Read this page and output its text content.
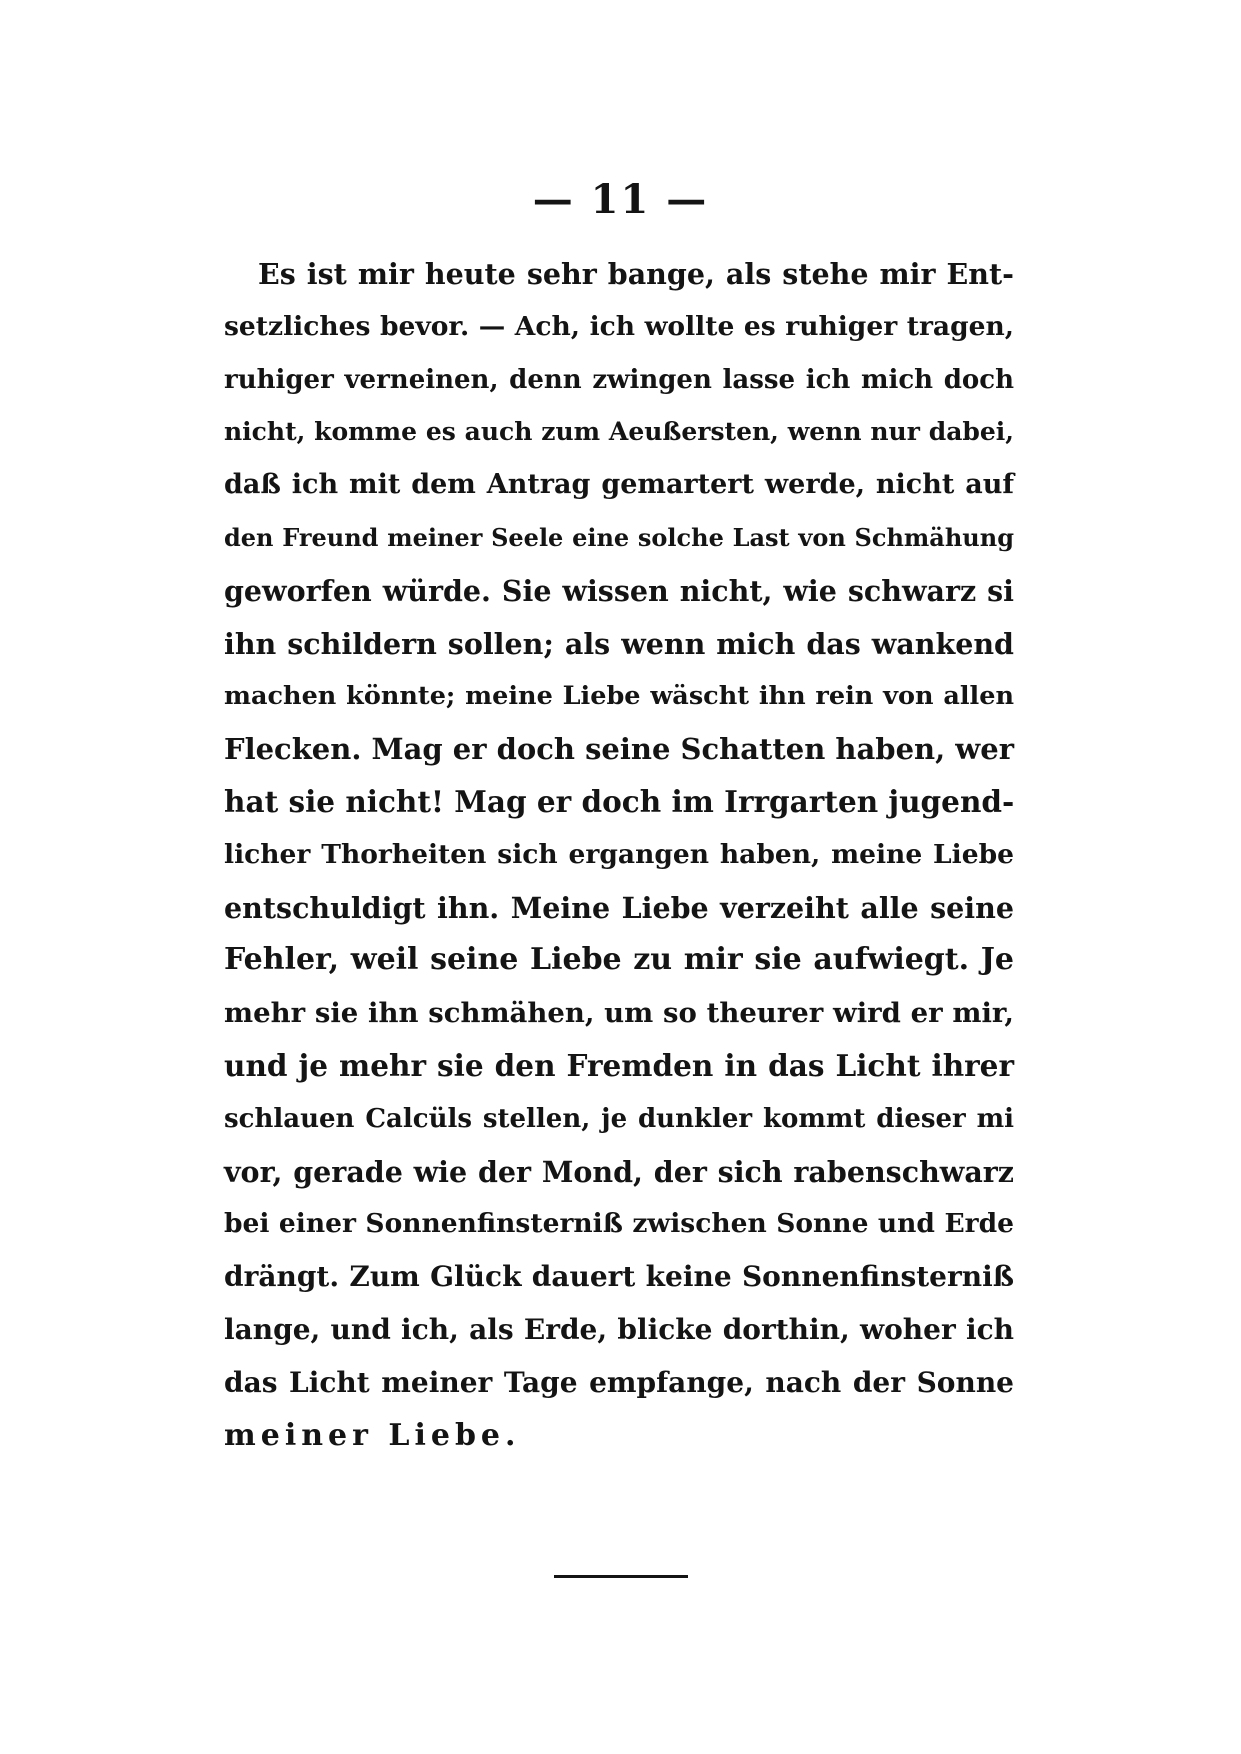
— 11 —
Es ist mir heute sehr bange, als stehe mir Ent-
setzliches bevor. — Ach, ich wollte es ruhiger tragen,
ruhiger verneinen, denn zwingen lasse ich mich doch
nicht, komme es auch zum Aeußersten, wenn nur dabei,
daß ich mit dem Antrag gemartert werde, nicht auf
den Freund meiner Seele eine solche Last von Schmähung
geworfen würde. Sie wissen nicht, wie schwarz si
ihn schildern sollen; als wenn mich das wankend
machen könnte; meine Liebe wäscht ihn rein von allen
Flecken. Mag er doch seine Schatten haben, wer
hat sie nicht! Mag er doch im Irrgarten jugend-
licher Thorheiten sich ergangen haben, meine Liebe
entschuldigt ihn. Meine Liebe verzeiht alle seine
Fehler, weil seine Liebe zu mir sie aufwiegt. Je
mehr sie ihn schmähen, um so theurer wird er mir,
und je mehr sie den Fremden in das Licht ihrer
schlauen Calcüls stellen, je dunkler kommt dieser mi
vor, gerade wie der Mond, der sich rabenschwarz
bei einer Sonnenfinsterniß zwischen Sonne und Erde
drängt. Zum Glück dauert keine Sonnenfinsterniß
lange, und ich, als Erde, blicke dorthin, woher ich
das Licht meiner Tage empfange, nach der Sonne
meiner Liebe.
